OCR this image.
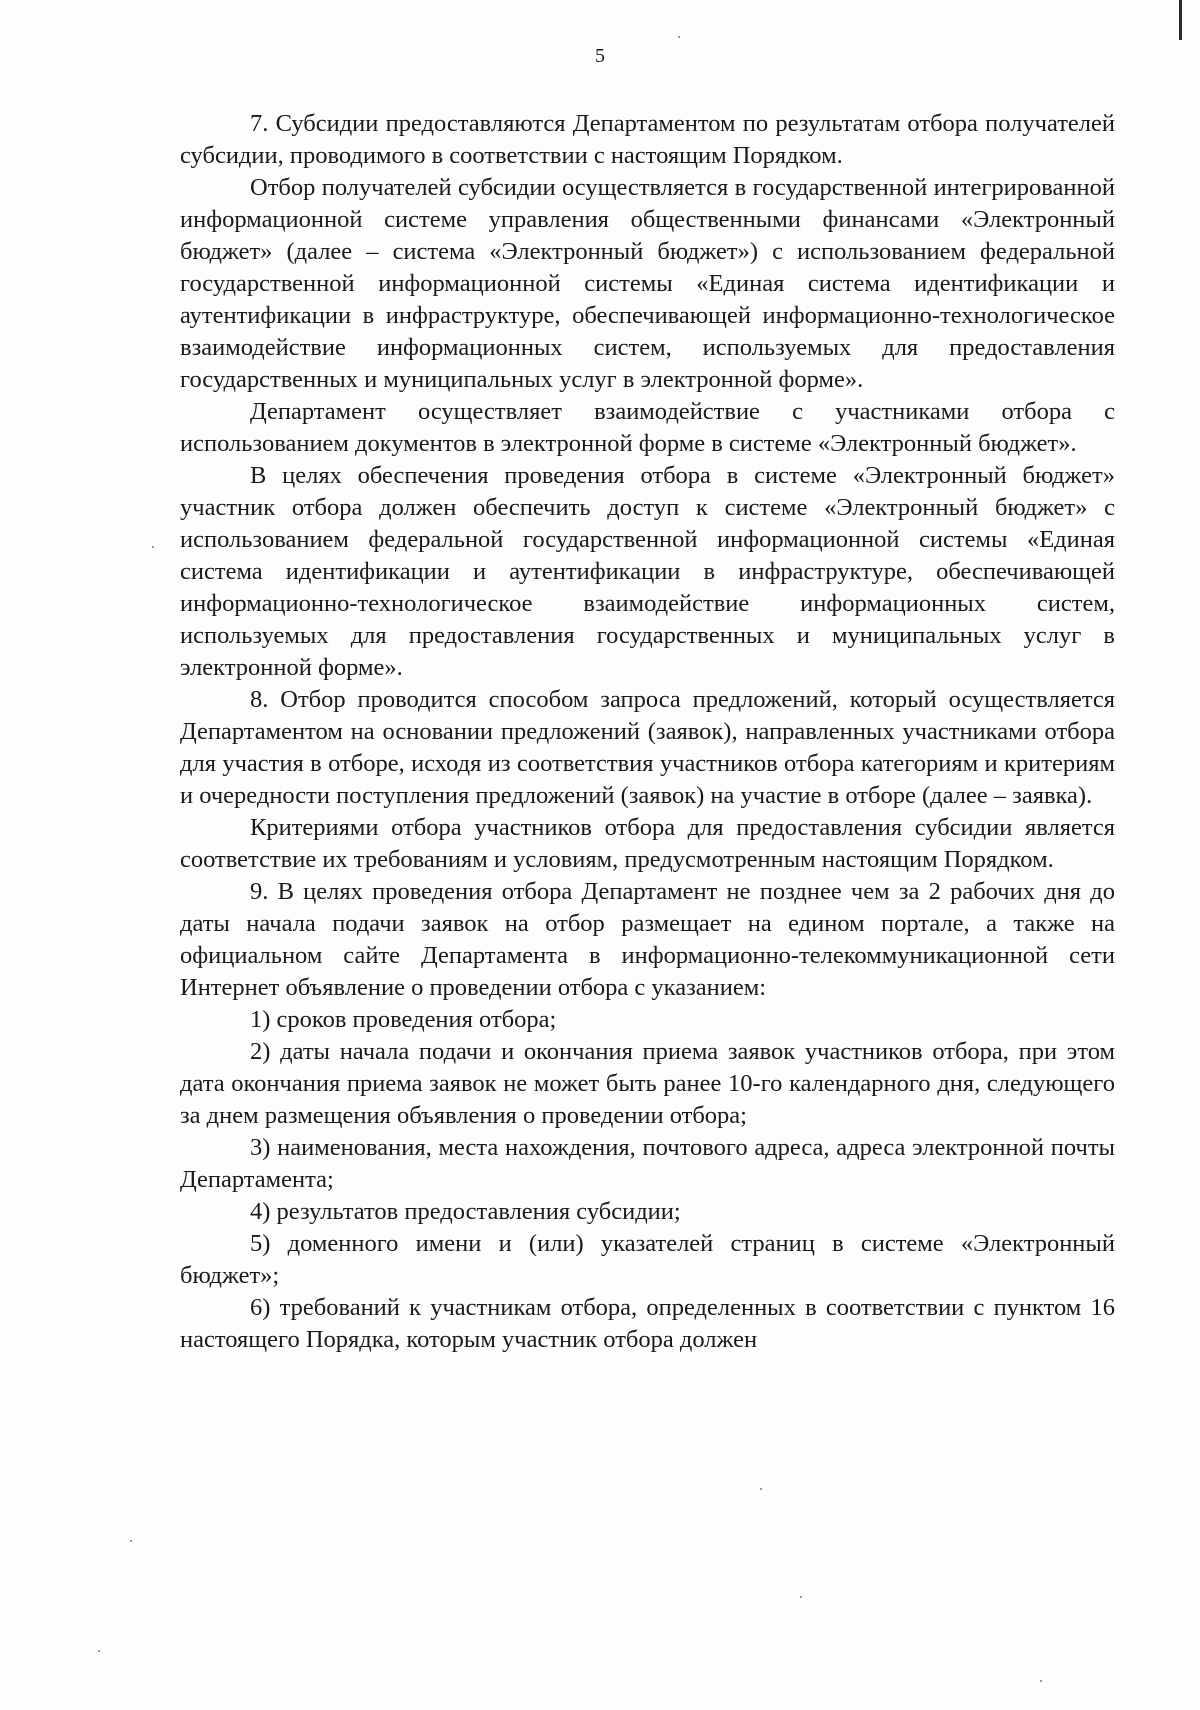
5

7. Субсидии предоставляются Департаментом по результатам отбора получателей субсидии, проводимого в соответствии с настоящим Порядком.

Отбор получателей субсидии осуществляется в государственной интегрированной информационной системе управления общественными финансами «Электронный бюджет» (далее – система «Электронный бюджет») с использованием федеральной государственной информационной системы «Единая система идентификации и аутентификации в инфраструктуре, обеспечивающей информационно-технологическое взаимодействие информационных систем, используемых для предоставления государственных и муниципальных услуг в электронной форме».

Департамент осуществляет взаимодействие с участниками отбора с использованием документов в электронной форме в системе «Электронный бюджет».

В целях обеспечения проведения отбора в системе «Электронный бюджет» участник отбора должен обеспечить доступ к системе «Электронный бюджет» с использованием федеральной государственной информационной системы «Единая система идентификации и аутентификации в инфраструктуре, обеспечивающей информационно-технологическое взаимодействие информационных систем, используемых для предоставления государственных и муниципальных услуг в электронной форме».

8. Отбор проводится способом запроса предложений, который осуществляется Департаментом на основании предложений (заявок), направленных участниками отбора для участия в отборе, исходя из соответствия участников отбора категориям и критериям и очередности поступления предложений (заявок) на участие в отборе (далее – заявка).

Критериями отбора участников отбора для предоставления субсидии является соответствие их требованиям и условиям, предусмотренным настоящим Порядком.

9. В целях проведения отбора Департамент не позднее чем за 2 рабочих дня до даты начала подачи заявок на отбор размещает на едином портале, а также на официальном сайте Департамента в информационно-телекоммуникационной сети Интернет объявление о проведении отбора с указанием:

1) сроков проведения отбора;

2) даты начала подачи и окончания приема заявок участников отбора, при этом дата окончания приема заявок не может быть ранее 10-го календарного дня, следующего за днем размещения объявления о проведении отбора;

3) наименования, места нахождения, почтового адреса, адреса электронной почты Департамента;

4) результатов предоставления субсидии;

5) доменного имени и (или) указателей страниц в системе «Электронный бюджет»;

6) требований к участникам отбора, определенных в соответствии с пунктом 16 настоящего Порядка, которым участник отбора должен
